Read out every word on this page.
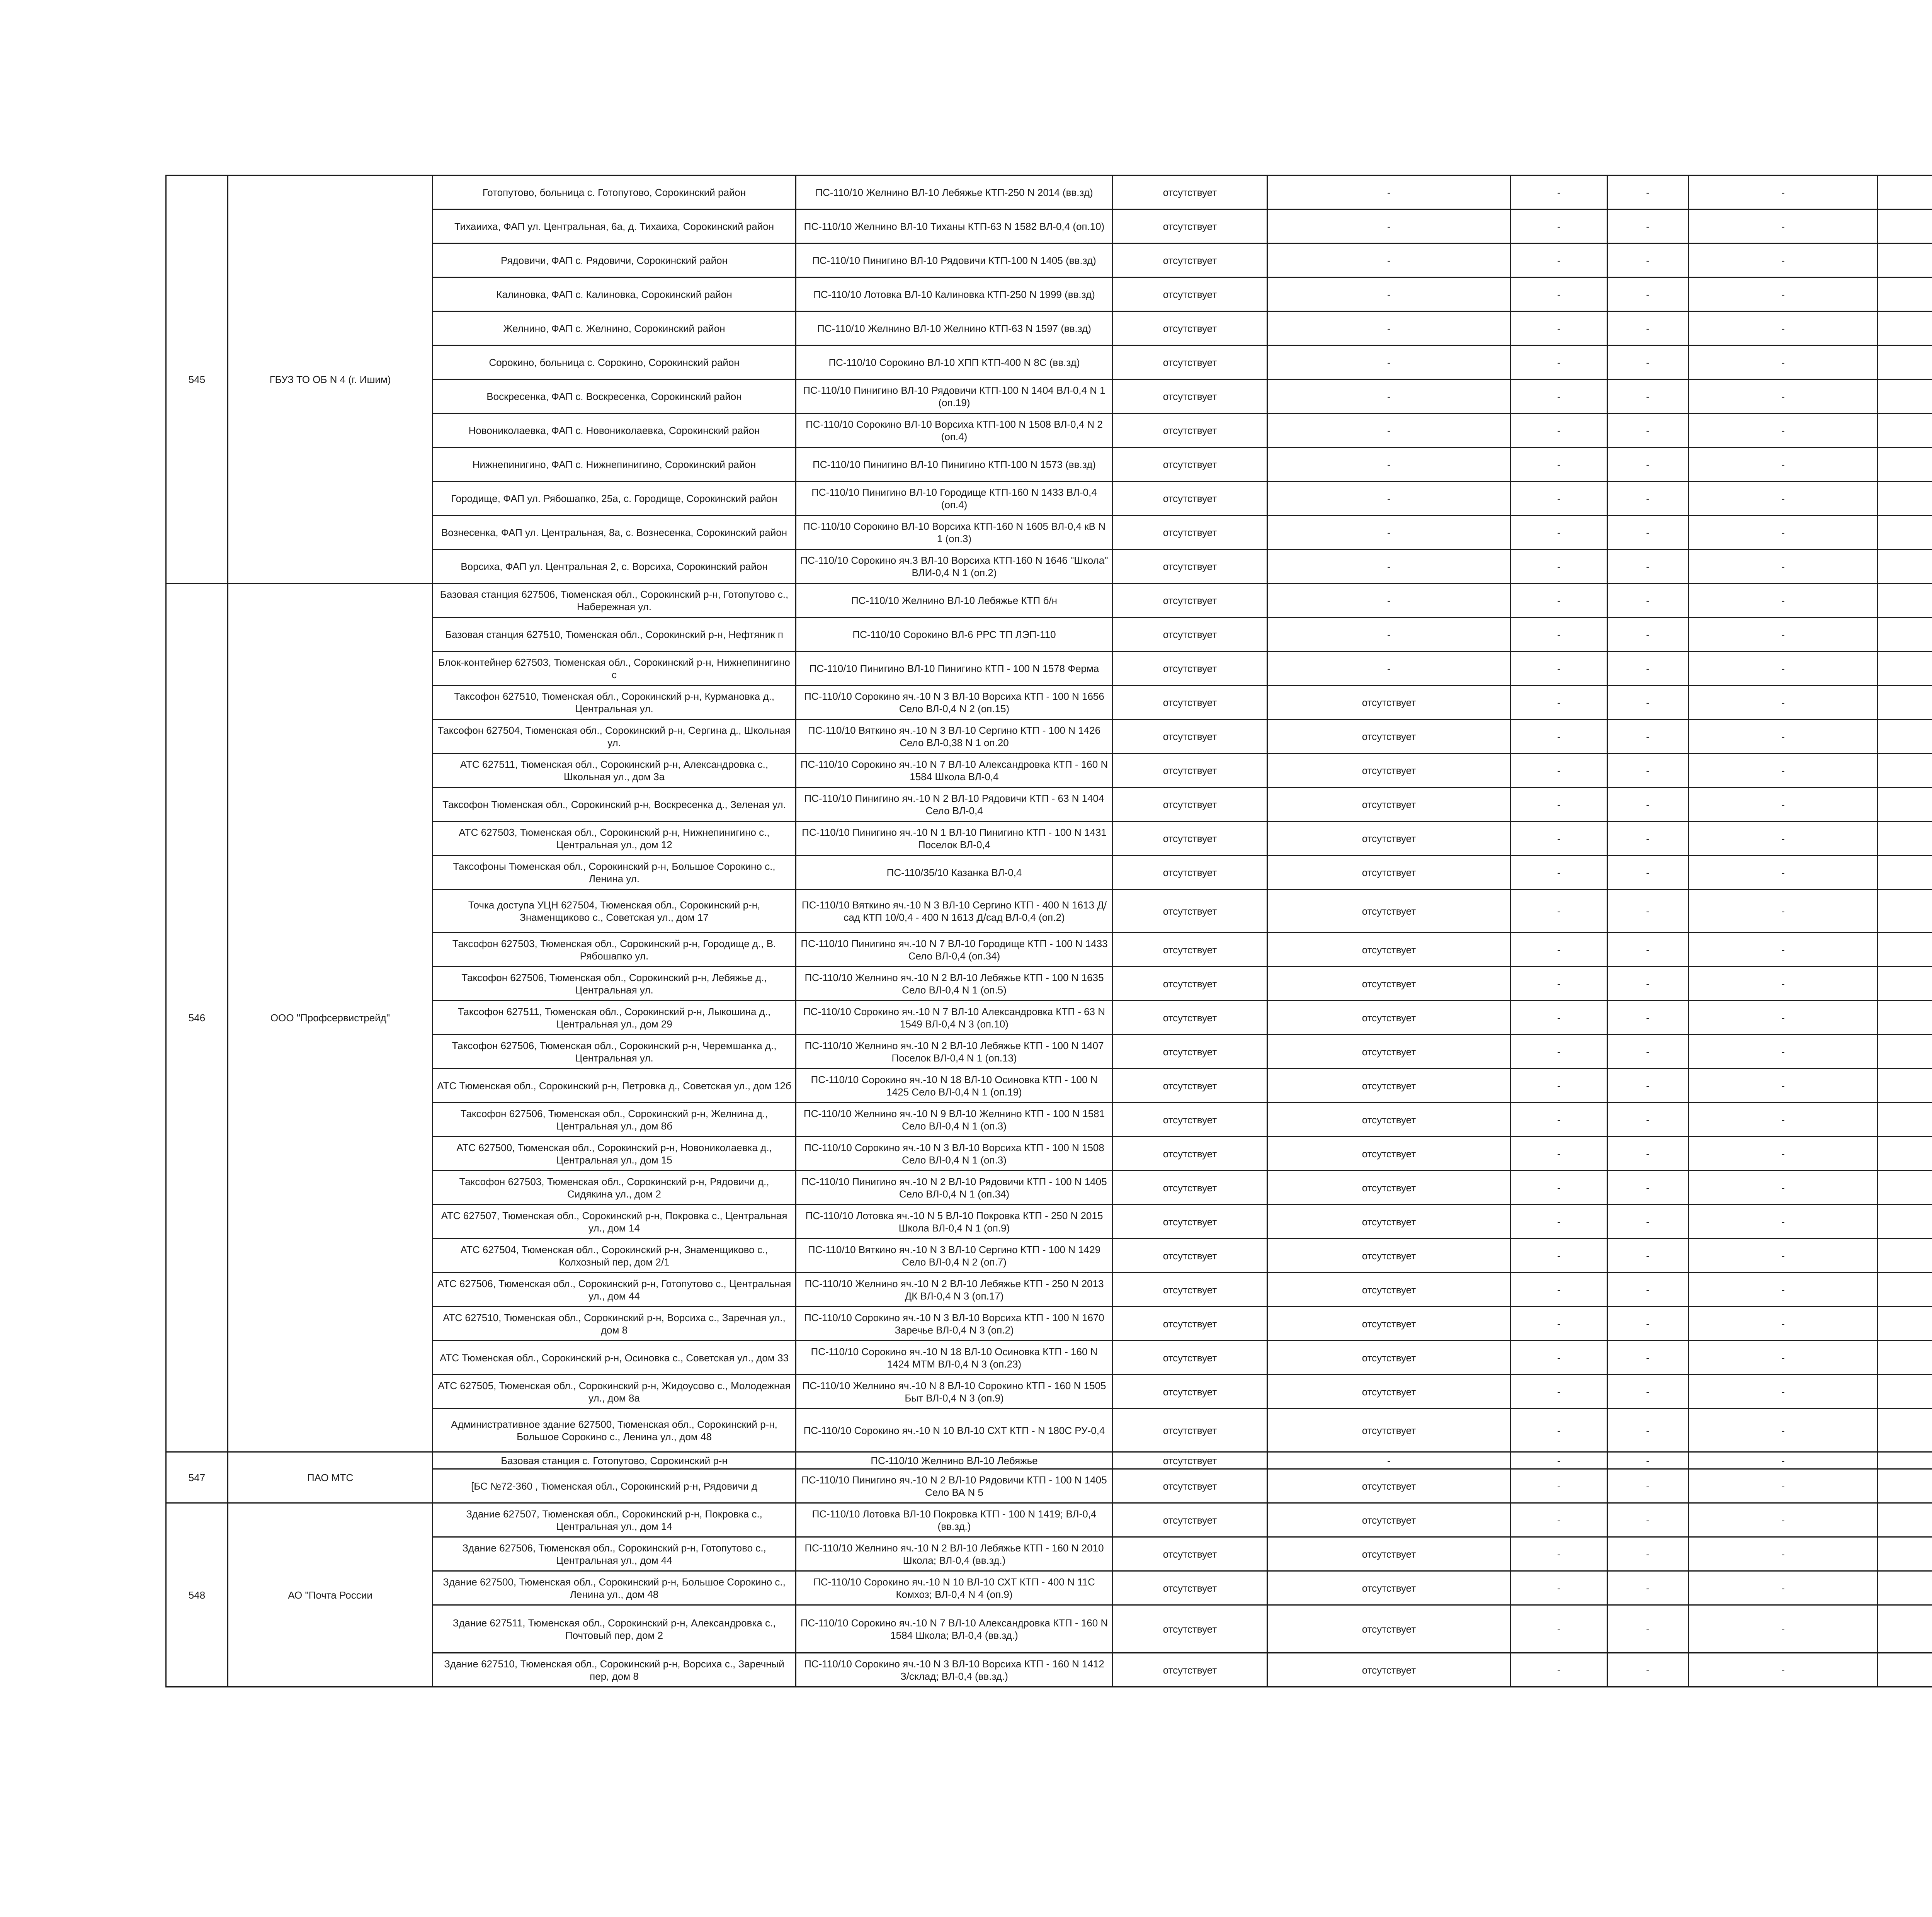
545	ГБУЗ ТО ОБ N 4 (г. Ишим)	Готопутово, больница с. Готопутово, Сорокинский район	ПС-110/10 Желнино ВЛ-10 Лебяжье КТП-250 N 2014 (вв.зд)	отсутствует	-	-	-	-		
		Тихаииха, ФАП ул. Центральная, 6а, д. Тихаиха, Сорокинский район	ПС-110/10 Желнино ВЛ-10 Тиханы КТП-63 N 1582 ВЛ-0,4 (оп.10)	отсутствует	-	-	-	-		
		Рядовичи, ФАП с. Рядовичи, Сорокинский район	ПС-110/10 Пинигино ВЛ-10 Рядовичи КТП-100 N 1405 (вв.зд)	отсутствует	-	-	-	-		
		Калиновка, ФАП с. Калиновка, Сорокинский район	ПС-110/10 Лотовка ВЛ-10 Калиновка КТП-250 N 1999 (вв.зд)	отсутствует	-	-	-	-		
		Желнино, ФАП с. Желнино, Сорокинский район	ПС-110/10 Желнино ВЛ-10 Желнино КТП-63 N 1597 (вв.зд)	отсутствует	-	-	-	-		
		Сорокино, больница с. Сорокино, Сорокинский район	ПС-110/10 Сорокино ВЛ-10 ХПП КТП-400 N 8С (вв.зд)	отсутствует	-	-	-	-		
		Воскресенка, ФАП с. Воскресенка, Сорокинский район	ПС-110/10 Пинигино ВЛ-10 Рядовичи КТП-100 N 1404 ВЛ-0,4 N 1 (оп.19)	отсутствует	-	-	-	-		
		Новониколаевка, ФАП с. Новониколаевка, Сорокинский район	ПС-110/10 Сорокино ВЛ-10 Ворсиха КТП-100 N 1508 ВЛ-0,4 N 2 (оп.4)	отсутствует	-	-	-	-		
		Нижнепинигино, ФАП с. Нижнепинигино, Сорокинский район	ПС-110/10 Пинигино ВЛ-10 Пинигино КТП-100 N 1573 (вв.зд)	отсутствует	-	-	-	-		
		Городище, ФАП ул. Рябошапко, 25а, с. Городище, Сорокинский район	ПС-110/10 Пинигино ВЛ-10 Городище КТП-160 N 1433 ВЛ-0,4 (оп.4)	отсутствует	-	-	-	-		
		Вознесенка, ФАП ул. Центральная, 8а, с. Вознесенка, Сорокинский район	ПС-110/10 Сорокино ВЛ-10 Ворсиха КТП-160 N 1605 ВЛ-0,4 кВ N 1 (оп.3)	отсутствует	-	-	-	-		
		Ворсиха, ФАП ул. Центральная 2, с. Ворсиха, Сорокинский район	ПС-110/10 Сорокино яч.3 ВЛ-10 Ворсиха КТП-160 N 1646 "Школа" ВЛИ-0,4 N 1 (оп.2)	отсутствует	-	-	-	-		
546	ООО "Профсервистрейд"	Базовая станция 627506, Тюменская обл., Сорокинский р-н, Готопутово с., Набережная ул.	ПС-110/10 Желнино ВЛ-10 Лебяжье КТП б/н	отсутствует	-	-	-	-		
		Базовая станция 627510, Тюменская обл., Сорокинский р-н, Нефтяник п	ПС-110/10 Сорокино ВЛ-6 РРС ТП ЛЭП-110	отсутствует	-	-	-	-		
		Блок-контейнер 627503, Тюменская обл., Сорокинский р-н, Нижнепинигино с	ПС-110/10 Пинигино ВЛ-10 Пинигино КТП - 100 N 1578 Ферма	отсутствует	-	-	-	-		
		Таксофон 627510, Тюменская обл., Сорокинский р-н, Курмановка д., Центральная ул.	ПС-110/10 Сорокино яч.-10 N 3 ВЛ-10 Ворсиха КТП - 100 N 1656 Село ВЛ-0,4 N 2 (оп.15)	отсутствует	отсутствует	-	-	-		
		Таксофон 627504, Тюменская обл., Сорокинский р-н, Сергина д., Школьная ул.	ПС-110/10 Вяткино яч.-10 N 3 ВЛ-10 Сергино КТП - 100 N 1426 Село ВЛ-0,38 N 1 оп.20	отсутствует	отсутствует	-	-	-		
		АТС 627511, Тюменская обл., Сорокинский р-н, Александровка с., Школьная ул., дом 3а	ПС-110/10 Сорокино яч.-10 N 7 ВЛ-10 Александровка КТП - 160 N 1584 Школа ВЛ-0,4	отсутствует	отсутствует	-	-	-		
		Таксофон Тюменская обл., Сорокинский р-н, Воскресенка д., Зеленая ул.	ПС-110/10 Пинигино яч.-10 N 2 ВЛ-10 Рядовичи КТП - 63 N 1404 Село ВЛ-0,4	отсутствует	отсутствует	-	-	-		
		АТС 627503, Тюменская обл., Сорокинский р-н, Нижнепинигино с., Центральная ул., дом 12	ПС-110/10 Пинигино яч.-10 N 1 ВЛ-10 Пинигино КТП - 100 N 1431 Поселок ВЛ-0,4	отсутствует	отсутствует	-	-	-		
		Таксофоны Тюменская обл., Сорокинский р-н, Большое Сорокино с., Ленина ул.	ПС-110/35/10 Казанка ВЛ-0,4	отсутствует	отсутствует	-	-	-		
		Точка доступа УЦН 627504, Тюменская обл., Сорокинский р-н, Знаменщиково с., Советская ул., дом 17	ПС-110/10 Вяткино яч.-10 N 3 ВЛ-10 Сергино КТП - 400 N 1613 Д/сад КТП 10/0,4 - 400 N 1613 Д/сад ВЛ-0,4 (оп.2)	отсутствует	отсутствует	-	-	-		
		Таксофон 627503, Тюменская обл., Сорокинский р-н, Городище д., В. Рябошапко ул.	ПС-110/10 Пинигино яч.-10 N 7 ВЛ-10 Городище КТП - 100 N 1433 Село ВЛ-0,4 (оп.34)	отсутствует	отсутствует	-	-	-		
		Таксофон 627506, Тюменская обл., Сорокинский р-н, Лебяжье д., Центральная ул.	ПС-110/10 Желнино яч.-10 N 2 ВЛ-10 Лебяжье КТП - 100 N 1635 Село ВЛ-0,4 N 1 (оп.5)	отсутствует	отсутствует	-	-	-		
		Таксофон 627511, Тюменская обл., Сорокинский р-н, Лыкошина д., Центральная ул., дом 29	ПС-110/10 Сорокино яч.-10 N 7 ВЛ-10 Александровка КТП - 63 N 1549 ВЛ-0,4 N 3 (оп.10)	отсутствует	отсутствует	-	-	-		
		Таксофон 627506, Тюменская обл., Сорокинский р-н, Черемшанка д., Центральная ул.	ПС-110/10 Желнино яч.-10 N 2 ВЛ-10 Лебяжье КТП - 100 N 1407 Поселок ВЛ-0,4 N 1 (оп.13)	отсутствует	отсутствует	-	-	-		
		АТС Тюменская обл., Сорокинский р-н, Петровка д., Советская ул., дом 12б	ПС-110/10 Сорокино яч.-10 N 18 ВЛ-10 Осиновка КТП - 100 N 1425 Село ВЛ-0,4 N 1 (оп.19)	отсутствует	отсутствует	-	-	-		
		Таксофон 627506, Тюменская обл., Сорокинский р-н, Желнина д., Центральная ул., дом 8б	ПС-110/10 Желнино яч.-10 N 9 ВЛ-10 Желнино КТП - 100 N 1581 Село ВЛ-0,4 N 1 (оп.3)	отсутствует	отсутствует	-	-	-		
		АТС 627500, Тюменская обл., Сорокинский р-н, Новониколаевка д., Центральная ул., дом 15	ПС-110/10 Сорокино яч.-10 N 3 ВЛ-10 Ворсиха КТП - 100 N 1508 Село ВЛ-0,4 N 1 (оп.3)	отсутствует	отсутствует	-	-	-		
		Таксофон 627503, Тюменская обл., Сорокинский р-н, Рядовичи д., Сидякина ул., дом 2	ПС-110/10 Пинигино яч.-10 N 2 ВЛ-10 Рядовичи КТП - 100 N 1405 Село ВЛ-0,4 N 1 (оп.34)	отсутствует	отсутствует	-	-	-		
		АТС 627507, Тюменская обл., Сорокинский р-н, Покровка с., Центральная ул., дом 14	ПС-110/10 Лотовка яч.-10 N 5 ВЛ-10 Покровка КТП - 250 N 2015 Школа ВЛ-0,4 N 1 (оп.9)	отсутствует	отсутствует	-	-	-		
		АТС 627504, Тюменская обл., Сорокинский р-н, Знаменщиково с., Колхозный пер, дом 2/1	ПС-110/10 Вяткино яч.-10 N 3 ВЛ-10 Сергино КТП - 100 N 1429 Село ВЛ-0,4 N 2 (оп.7)	отсутствует	отсутствует	-	-	-		
		АТС 627506, Тюменская обл., Сорокинский р-н, Готопутово с., Центральная ул., дом 44	ПС-110/10 Желнино яч.-10 N 2 ВЛ-10 Лебяжье КТП - 250 N 2013 ДК ВЛ-0,4 N 3 (оп.17)	отсутствует	отсутствует	-	-	-		
		АТС 627510, Тюменская обл., Сорокинский р-н, Ворсиха с., Заречная ул., дом 8	ПС-110/10 Сорокино яч.-10 N 3 ВЛ-10 Ворсиха КТП - 100 N 1670 Заречье ВЛ-0,4 N 3 (оп.2)	отсутствует	отсутствует	-	-	-		
		АТС Тюменская обл., Сорокинский р-н, Осиновка с., Советская ул., дом 33	ПС-110/10 Сорокино яч.-10 N 18 ВЛ-10 Осиновка КТП - 160 N 1424 МТМ ВЛ-0,4 N 3 (оп.23)	отсутствует	отсутствует	-	-	-		
		АТС 627505, Тюменская обл., Сорокинский р-н, Жидоусово с., Молодежная ул., дом 8а	ПС-110/10 Желнино яч.-10 N 8 ВЛ-10 Сорокино КТП - 160 N 1505 Быт ВЛ-0,4 N 3 (оп.9)	отсутствует	отсутствует	-	-	-		
		Административное здание 627500, Тюменская обл., Сорокинский р-н, Большое Сорокино с., Ленина ул., дом 48	ПС-110/10 Сорокино яч.-10 N 10 ВЛ-10 СХТ КТП - N 180С РУ-0,4	отсутствует	отсутствует	-	-	-		
547	ПАО МТС	Базовая станция с. Готопутово, Сорокинский р-н	ПС-110/10 Желнино ВЛ-10 Лебяжье	отсутствует	-	-	-	-		
		[БС №72-360 , Тюменская обл., Сорокинский р-н, Рядовичи д	ПС-110/10 Пинигино яч.-10 N 2 ВЛ-10 Рядовичи КТП - 100 N 1405 Село ВА N 5	отсутствует	отсутствует	-	-	-		
548	АО "Почта России	Здание 627507, Тюменская обл., Сорокинский р-н, Покровка с., Центральная ул., дом 14	ПС-110/10 Лотовка ВЛ-10 Покровка КТП - 100 N 1419; ВЛ-0,4 (вв.зд.)	отсутствует	отсутствует	-	-	-		
		Здание 627506, Тюменская обл., Сорокинский р-н, Готопутово с., Центральная ул., дом 44	ПС-110/10 Желнино яч.-10 N 2 ВЛ-10 Лебяжье КТП - 160 N 2010 Школа; ВЛ-0,4 (вв.зд.)	отсутствует	отсутствует	-	-	-		
		Здание 627500, Тюменская обл., Сорокинский р-н, Большое Сорокино с., Ленина ул., дом 48	ПС-110/10 Сорокино яч.-10 N 10 ВЛ-10 СХТ КТП - 400 N 11С Комхоз; ВЛ-0,4 N 4 (оп.9)	отсутствует	отсутствует	-	-	-		
		Здание 627511, Тюменская обл., Сорокинский р-н, Александровка с., Почтовый пер, дом 2	ПС-110/10 Сорокино яч.-10 N 7 ВЛ-10 Александровка КТП - 160 N 1584 Школа; ВЛ-0,4 (вв.зд.)	отсутствует	отсутствует	-	-	-		
		Здание 627510, Тюменская обл., Сорокинский р-н, Ворсиха с., Заречный пер, дом 8	ПС-110/10 Сорокино яч.-10 N 3 ВЛ-10 Ворсиха КТП - 160 N 1412 З/склад; ВЛ-0,4 (вв.зд.)	отсутствует	отсутствует	-	-	-		
